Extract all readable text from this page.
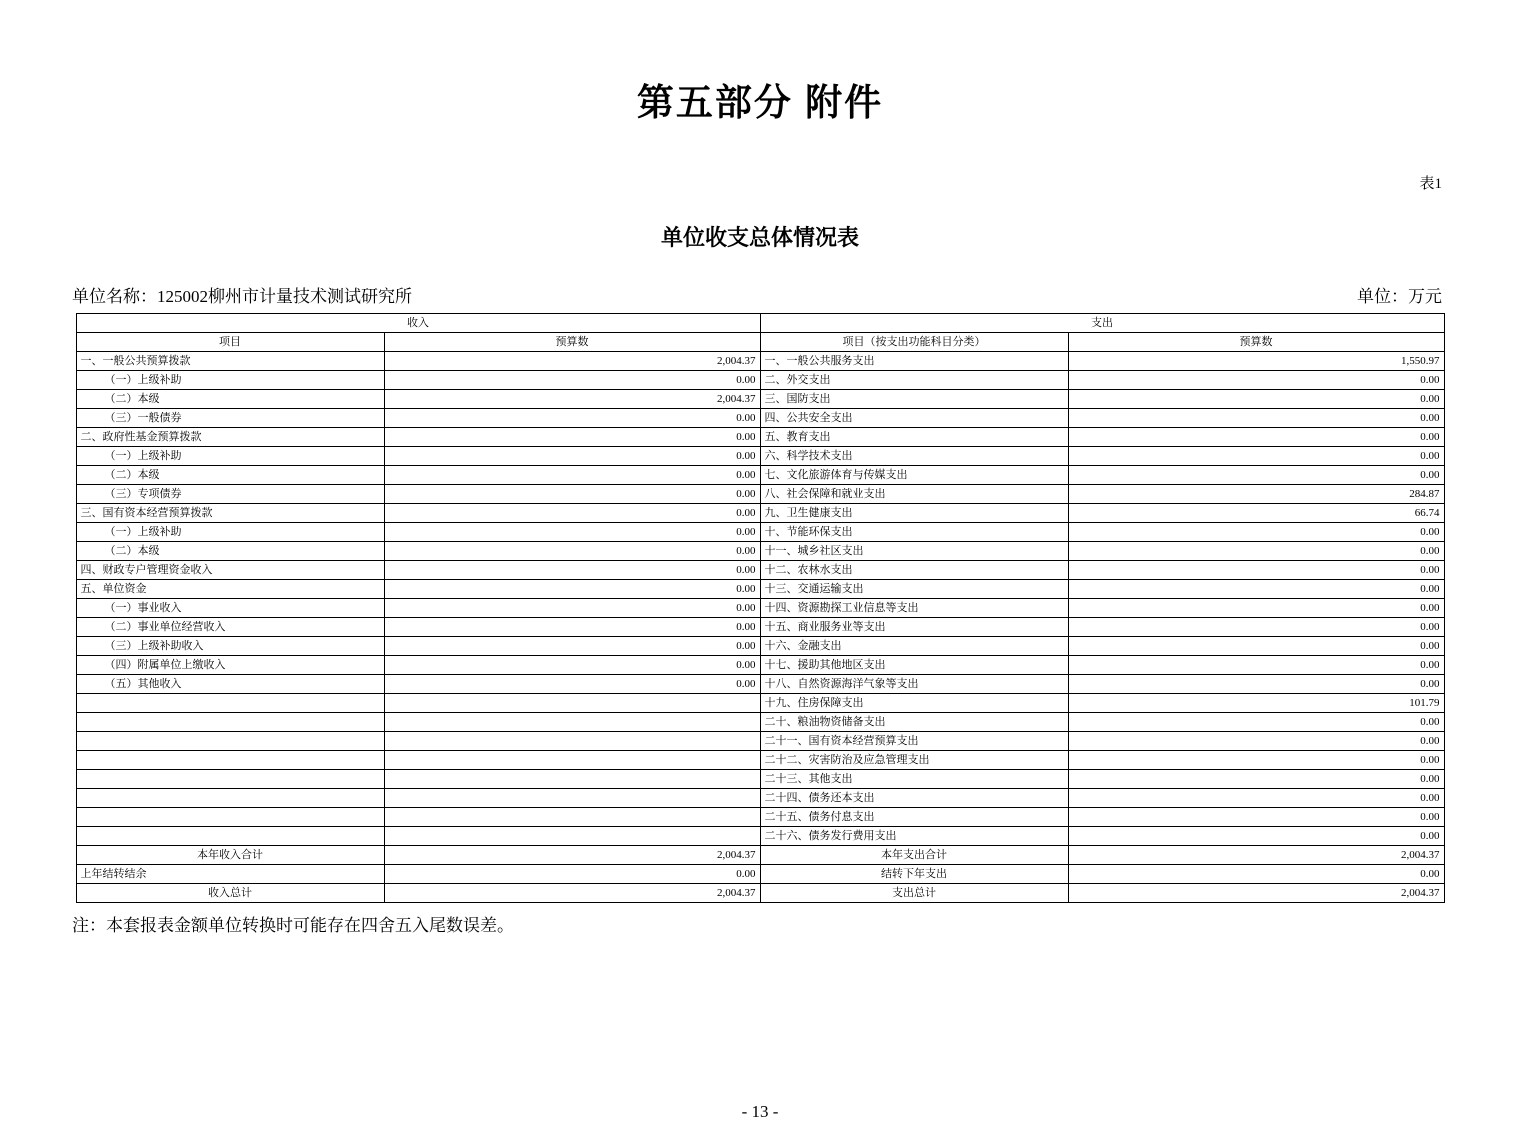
第五部分 附件
表1
单位收支总体情况表
单位名称：125002柳州市计量技术测试研究所	单位：万元
收入		支出	
项目	预算数	项目（按支出功能科目分类）	预算数
一、一般公共预算拨款	2,004.37	一、一般公共服务支出	1,550.97
（一）上级补助	0.00	二、外交支出	0.00
（二）本级	2,004.37	三、国防支出	0.00
（三）一般债券	0.00	四、公共安全支出	0.00
二、政府性基金预算拨款	0.00	五、教育支出	0.00
（一）上级补助	0.00	六、科学技术支出	0.00
（二）本级	0.00	七、文化旅游体育与传媒支出	0.00
（三）专项债券	0.00	八、社会保障和就业支出	284.87
三、国有资本经营预算拨款	0.00	九、卫生健康支出	66.74
（一）上级补助	0.00	十、节能环保支出	0.00
（二）本级	0.00	十一、城乡社区支出	0.00
四、财政专户管理资金收入	0.00	十二、农林水支出	0.00
五、单位资金	0.00	十三、交通运输支出	0.00
（一）事业收入	0.00	十四、资源勘探工业信息等支出	0.00
（二）事业单位经营收入	0.00	十五、商业服务业等支出	0.00
（三）上级补助收入	0.00	十六、金融支出	0.00
（四）附属单位上缴收入	0.00	十七、援助其他地区支出	0.00
（五）其他收入	0.00	十八、自然资源海洋气象等支出	0.00
		十九、住房保障支出	101.79
		二十、粮油物资储备支出	0.00
		二十一、国有资本经营预算支出	0.00
		二十二、灾害防治及应急管理支出	0.00
		二十三、其他支出	0.00
		二十四、债务还本支出	0.00
		二十五、债务付息支出	0.00
		二十六、债务发行费用支出	0.00
本年收入合计	2,004.37	本年支出合计	2,004.37
上年结转结余	0.00	结转下年支出	0.00
收入总计	2,004.37	支出总计	2,004.37
注：本套报表金额单位转换时可能存在四舍五入尾数误差。
- 13 -
